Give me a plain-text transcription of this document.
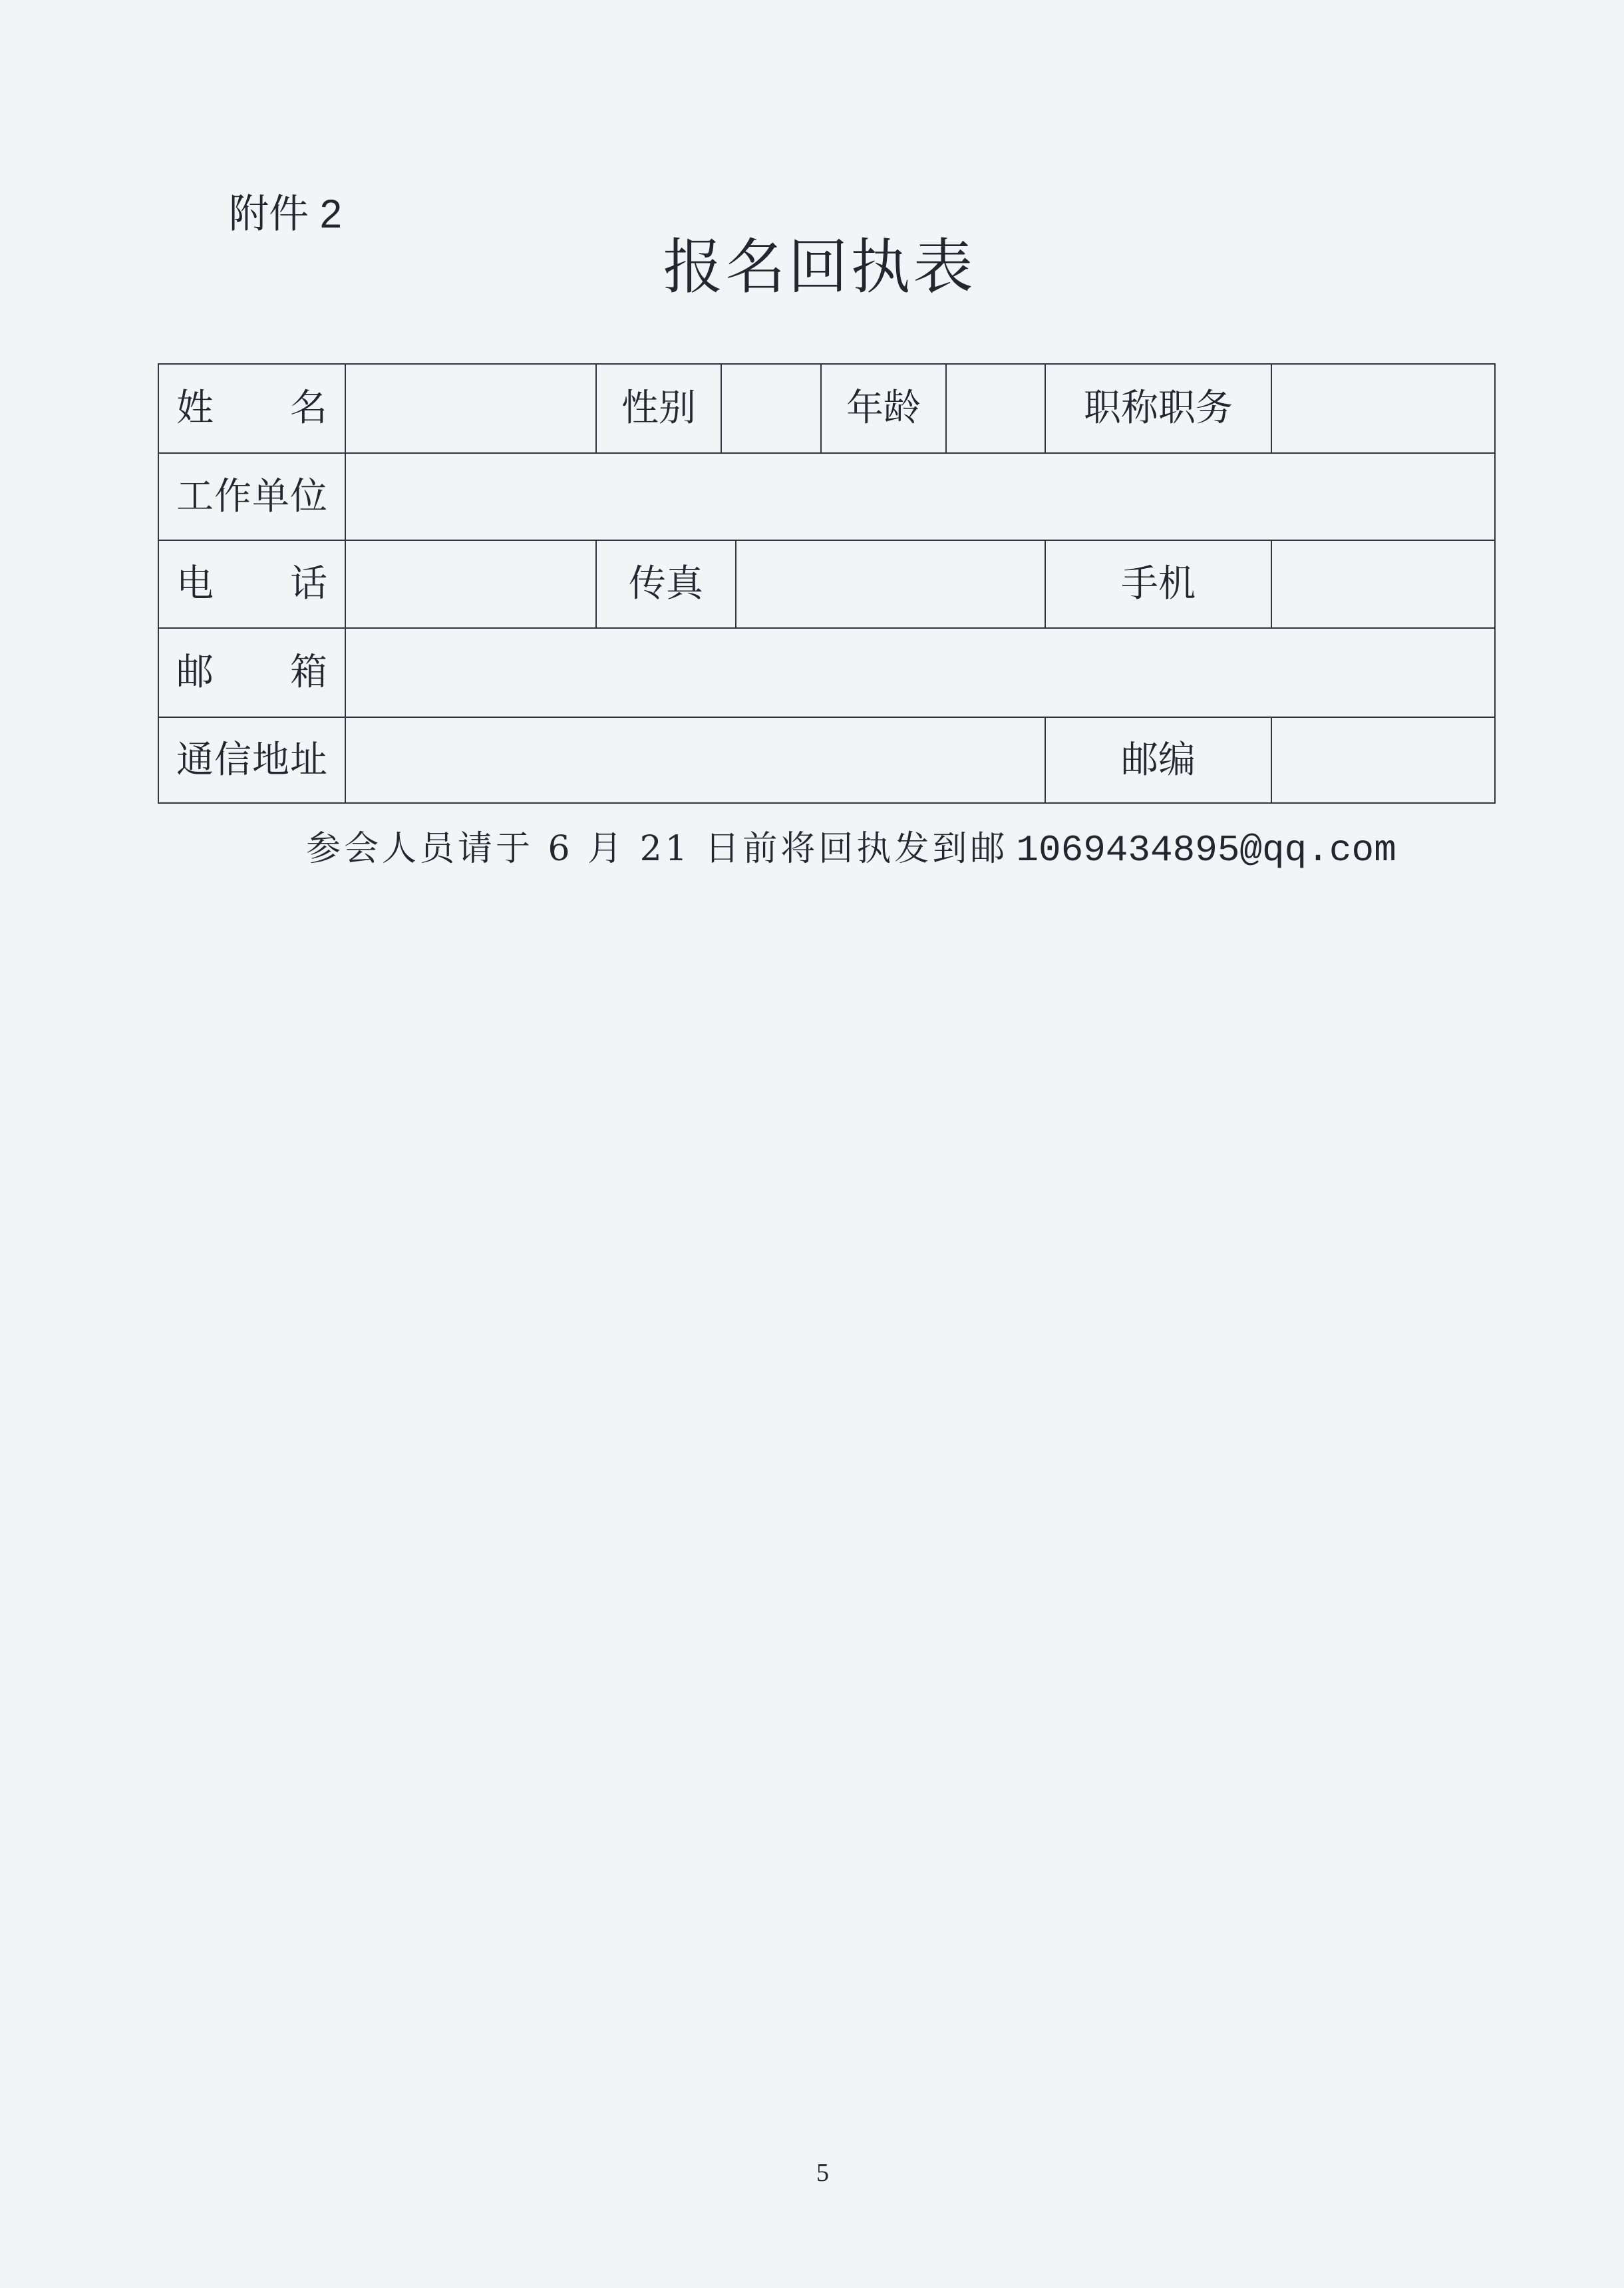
附件 2
报名回执表
姓 名	性别	年龄	职称职务
工作单位
电 话	传真	手机
邮 箱
通信地址	邮编
参会人员请于 6 月 21 日前将回执发到邮 1069434895@qq.com
5
